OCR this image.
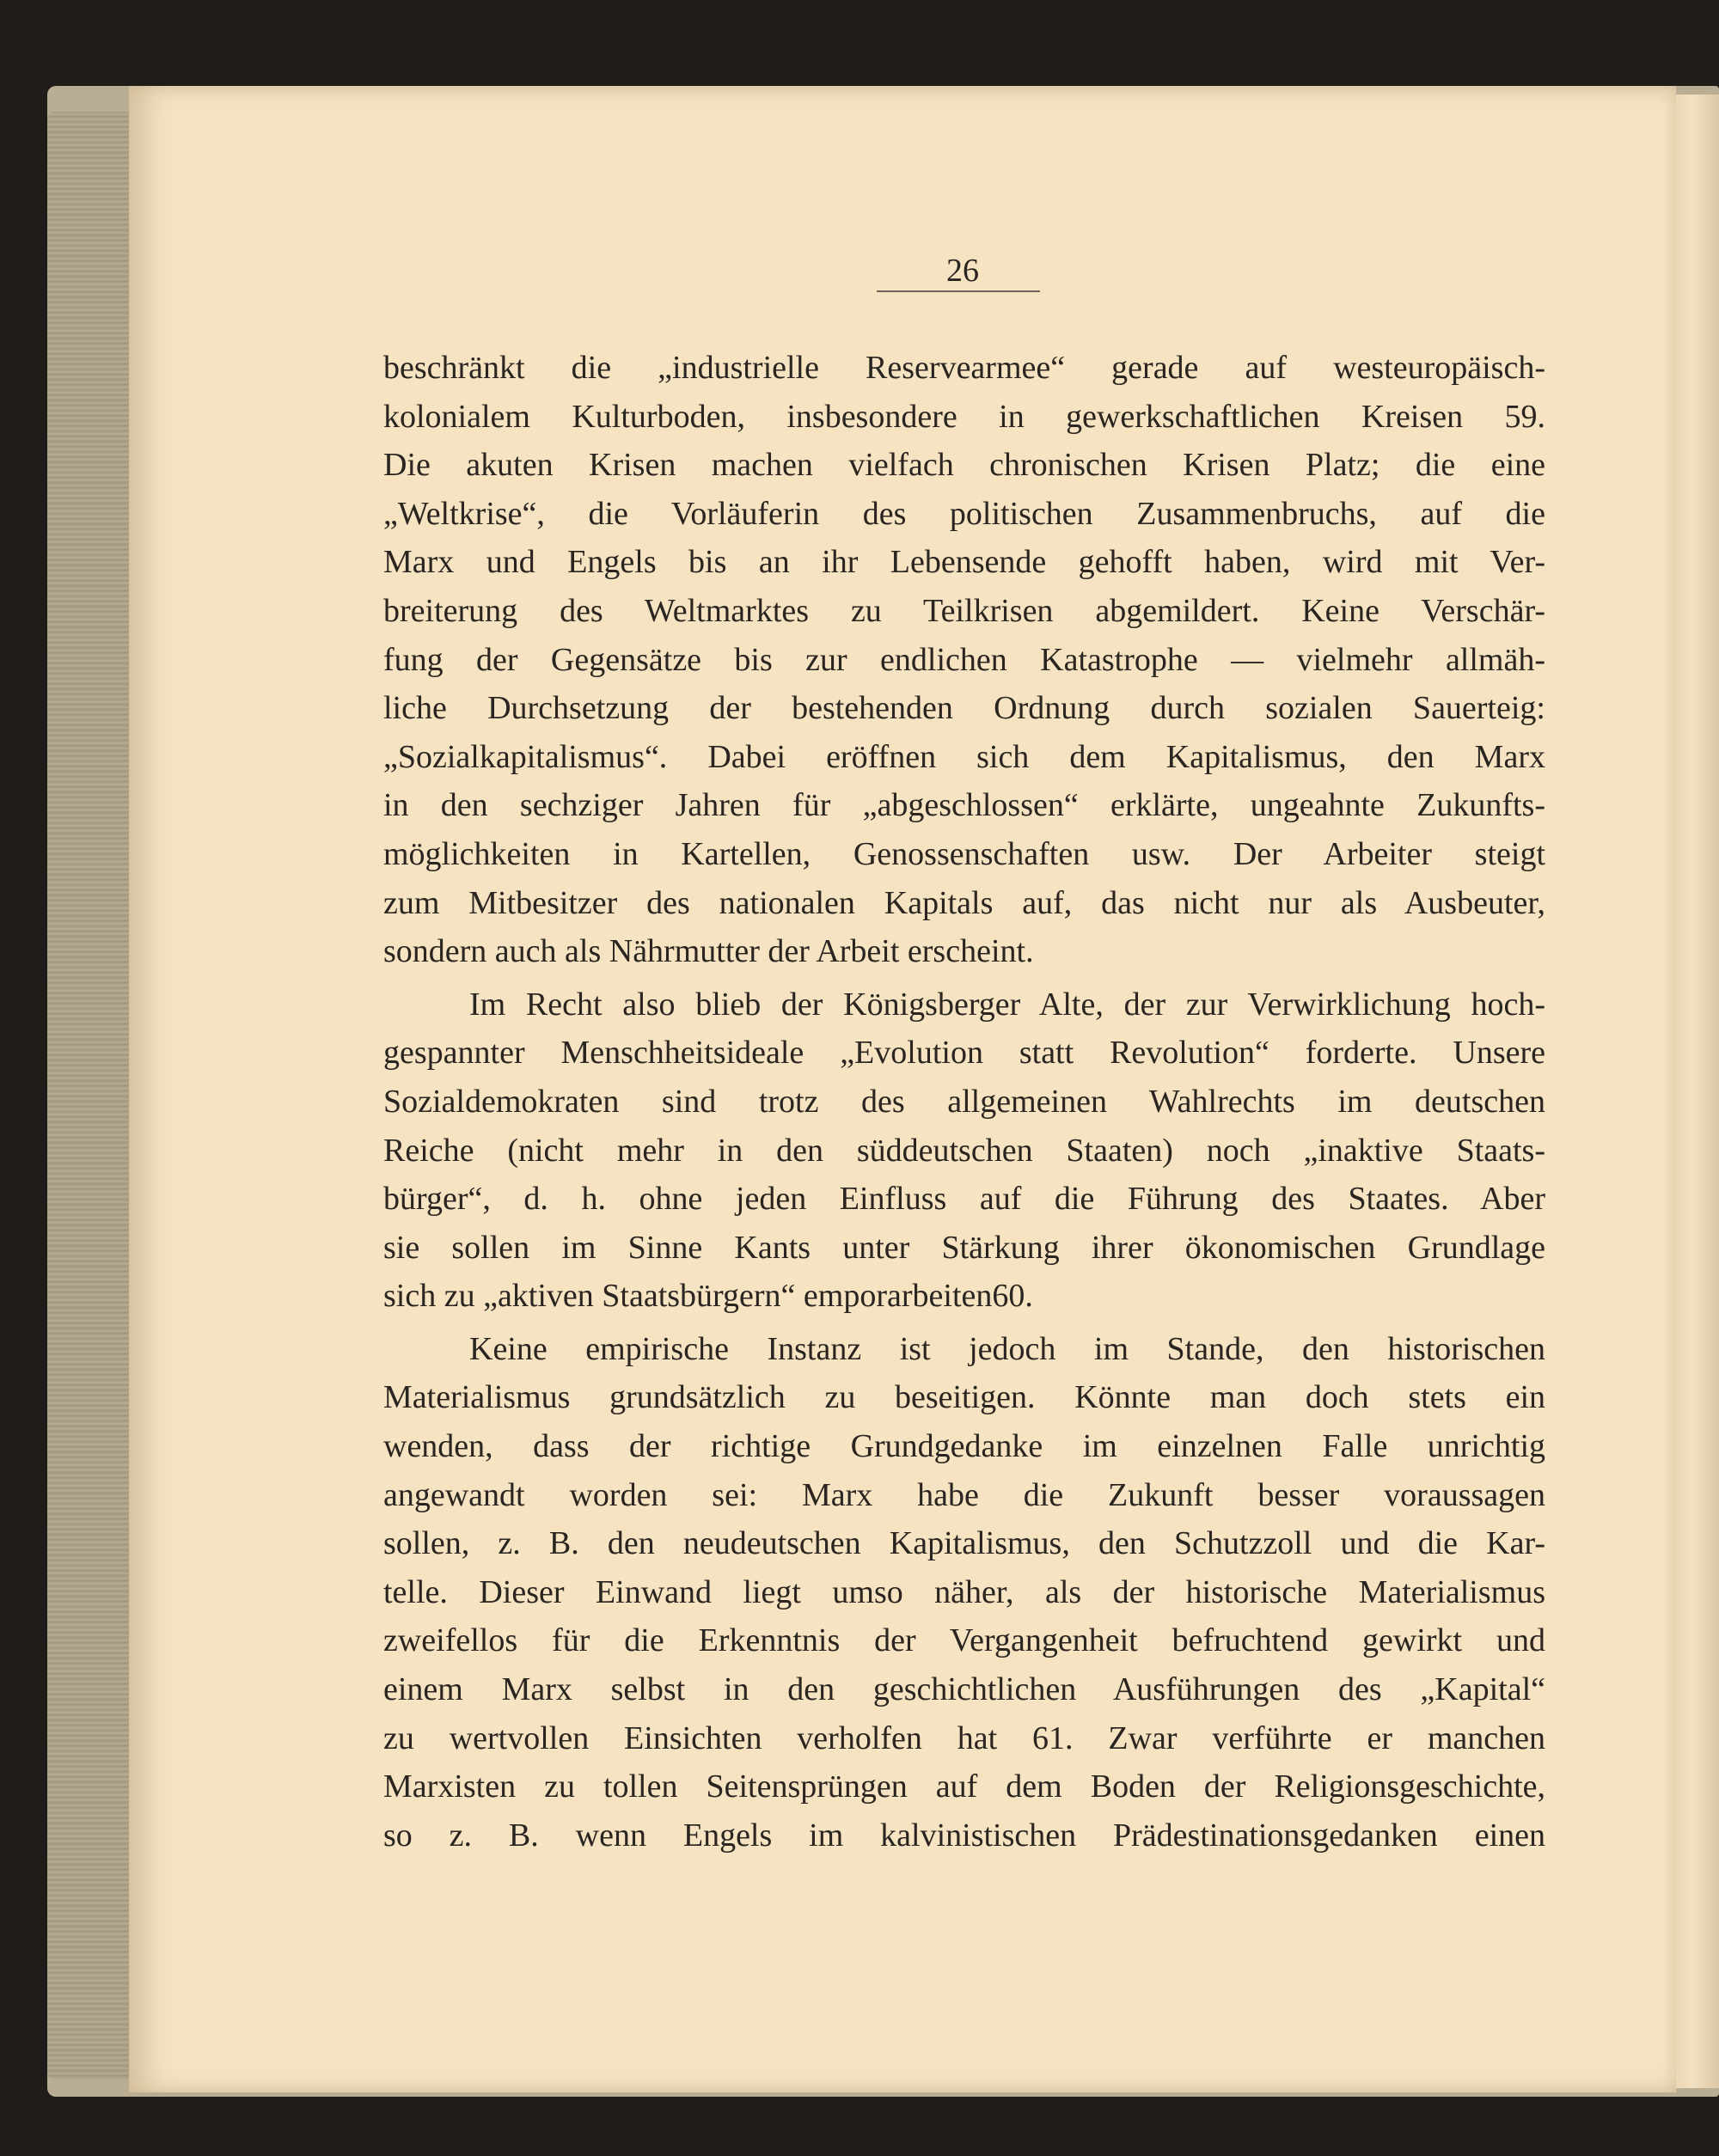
26
beschränkt die „industrielle Reservearmee“ gerade auf westeuropäisch-
kolonialem Kulturboden, insbesondere in gewerkschaftlichen Kreisen 59.
Die akuten Krisen machen vielfach chronischen Krisen Platz; die eine
„Weltkrise“, die Vorläuferin des politischen Zusammenbruchs, auf die
Marx und Engels bis an ihr Lebensende gehofft haben, wird mit Ver-
breiterung des Weltmarktes zu Teilkrisen abgemildert. Keine Verschär-
fung der Gegensätze bis zur endlichen Katastrophe — vielmehr allmäh-
liche Durchsetzung der bestehenden Ordnung durch sozialen Sauerteig:
„Sozialkapitalismus“. Dabei eröffnen sich dem Kapitalismus, den Marx
in den sechziger Jahren für „abgeschlossen“ erklärte, ungeahnte Zukunfts-
möglichkeiten in Kartellen, Genossenschaften usw. Der Arbeiter steigt
zum Mitbesitzer des nationalen Kapitals auf, das nicht nur als Ausbeuter,
sondern auch als Nährmutter der Arbeit erscheint.
Im Recht also blieb der Königsberger Alte, der zur Verwirklichung hoch-
gespannter Menschheitsideale „Evolution statt Revolution“ forderte. Unsere
Sozialdemokraten sind trotz des allgemeinen Wahlrechts im deutschen
Reiche (nicht mehr in den süddeutschen Staaten) noch „inaktive Staats-
bürger“, d. h. ohne jeden Einfluss auf die Führung des Staates. Aber
sie sollen im Sinne Kants unter Stärkung ihrer ökonomischen Grundlage
sich zu „aktiven Staatsbürgern“ emporarbeiten60.
Keine empirische Instanz ist jedoch im Stande, den historischen
Materialismus grundsätzlich zu beseitigen. Könnte man doch stets ein
wenden, dass der richtige Grundgedanke im einzelnen Falle unrichtig
angewandt worden sei: Marx habe die Zukunft besser voraussagen
sollen, z. B. den neudeutschen Kapitalismus, den Schutzzoll und die Kar-
telle. Dieser Einwand liegt umso näher, als der historische Materialismus
zweifellos für die Erkenntnis der Vergangenheit befruchtend gewirkt und
einem Marx selbst in den geschichtlichen Ausführungen des „Kapital“
zu wertvollen Einsichten verholfen hat 61. Zwar verführte er manchen
Marxisten zu tollen Seitensprüngen auf dem Boden der Religionsgeschichte,
so z. B. wenn Engels im kalvinistischen Prädestinationsgedanken einen
